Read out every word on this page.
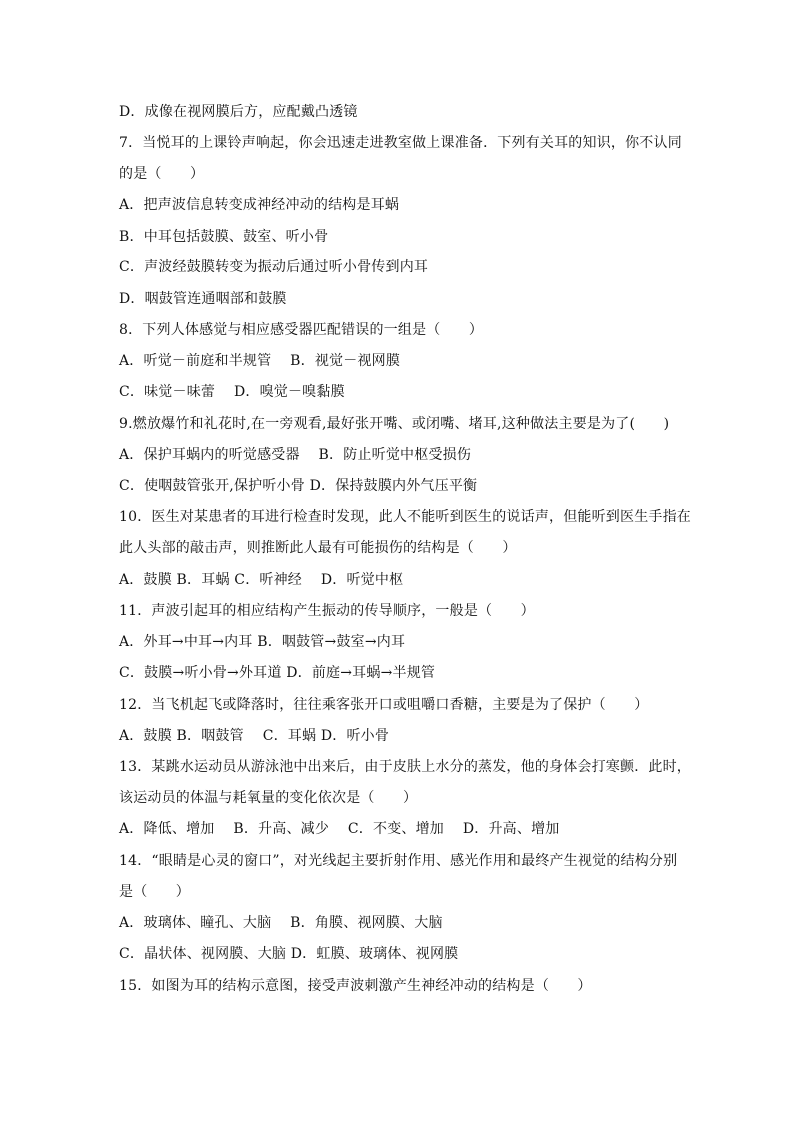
D．成像在视网膜后方，应配戴凸透镜
7．当悦耳的上课铃声响起，你会迅速走进教室做上课准备．下列有关耳的知识，你不认同
的是（　　）
A．把声波信息转变成神经冲动的结构是耳蜗
B．中耳包括鼓膜、鼓室、听小骨
C．声波经鼓膜转变为振动后通过听小骨传到内耳
D．咽鼓管连通咽部和鼓膜
8．下列人体感觉与相应感受器匹配错误的一组是（　　）
A．听觉－前庭和半规管　 B．视觉－视网膜
C．味觉－味蕾　 D．嗅觉－嗅黏膜
9.燃放爆竹和礼花时,在一旁观看,最好张开嘴、或闭嘴、堵耳,这种做法主要是为了(　　)
A．保护耳蜗内的听觉感受器　 B．防止听觉中枢受损伤
C．使咽鼓管张开,保护听小骨 D．保持鼓膜内外气压平衡
10．医生对某患者的耳进行检查时发现，此人不能听到医生的说话声，但能听到医生手指在
此人头部的敲击声，则推断此人最有可能损伤的结构是（　　）
A．鼓膜 B．耳蜗 C．听神经　 D．听觉中枢
11．声波引起耳的相应结构产生振动的传导顺序，一般是（　　）
A．外耳→中耳→内耳 B．咽鼓管→鼓室→内耳
C．鼓膜→听小骨→外耳道 D．前庭→耳蜗→半规管
12．当飞机起飞或降落时，往往乘客张开口或咀嚼口香糖，主要是为了保护（　　）
A．鼓膜 B．咽鼓管　 C．耳蜗 D．听小骨
13．某跳水运动员从游泳池中出来后，由于皮肤上水分的蒸发，他的身体会打寒颤．此时，
该运动员的体温与耗氧量的变化依次是（　　）
A．降低、增加　 B．升高、减少　 C．不变、增加　 D．升高、增加
14．“眼睛是心灵的窗口”，对光线起主要折射作用、感光作用和最终产生视觉的结构分别
是（　　）
A．玻璃体、瞳孔、大脑　 B．角膜、视网膜、大脑
C．晶状体、视网膜、大脑 D．虹膜、玻璃体、视网膜
15．如图为耳的结构示意图，接受声波刺激产生神经冲动的结构是（　　）
